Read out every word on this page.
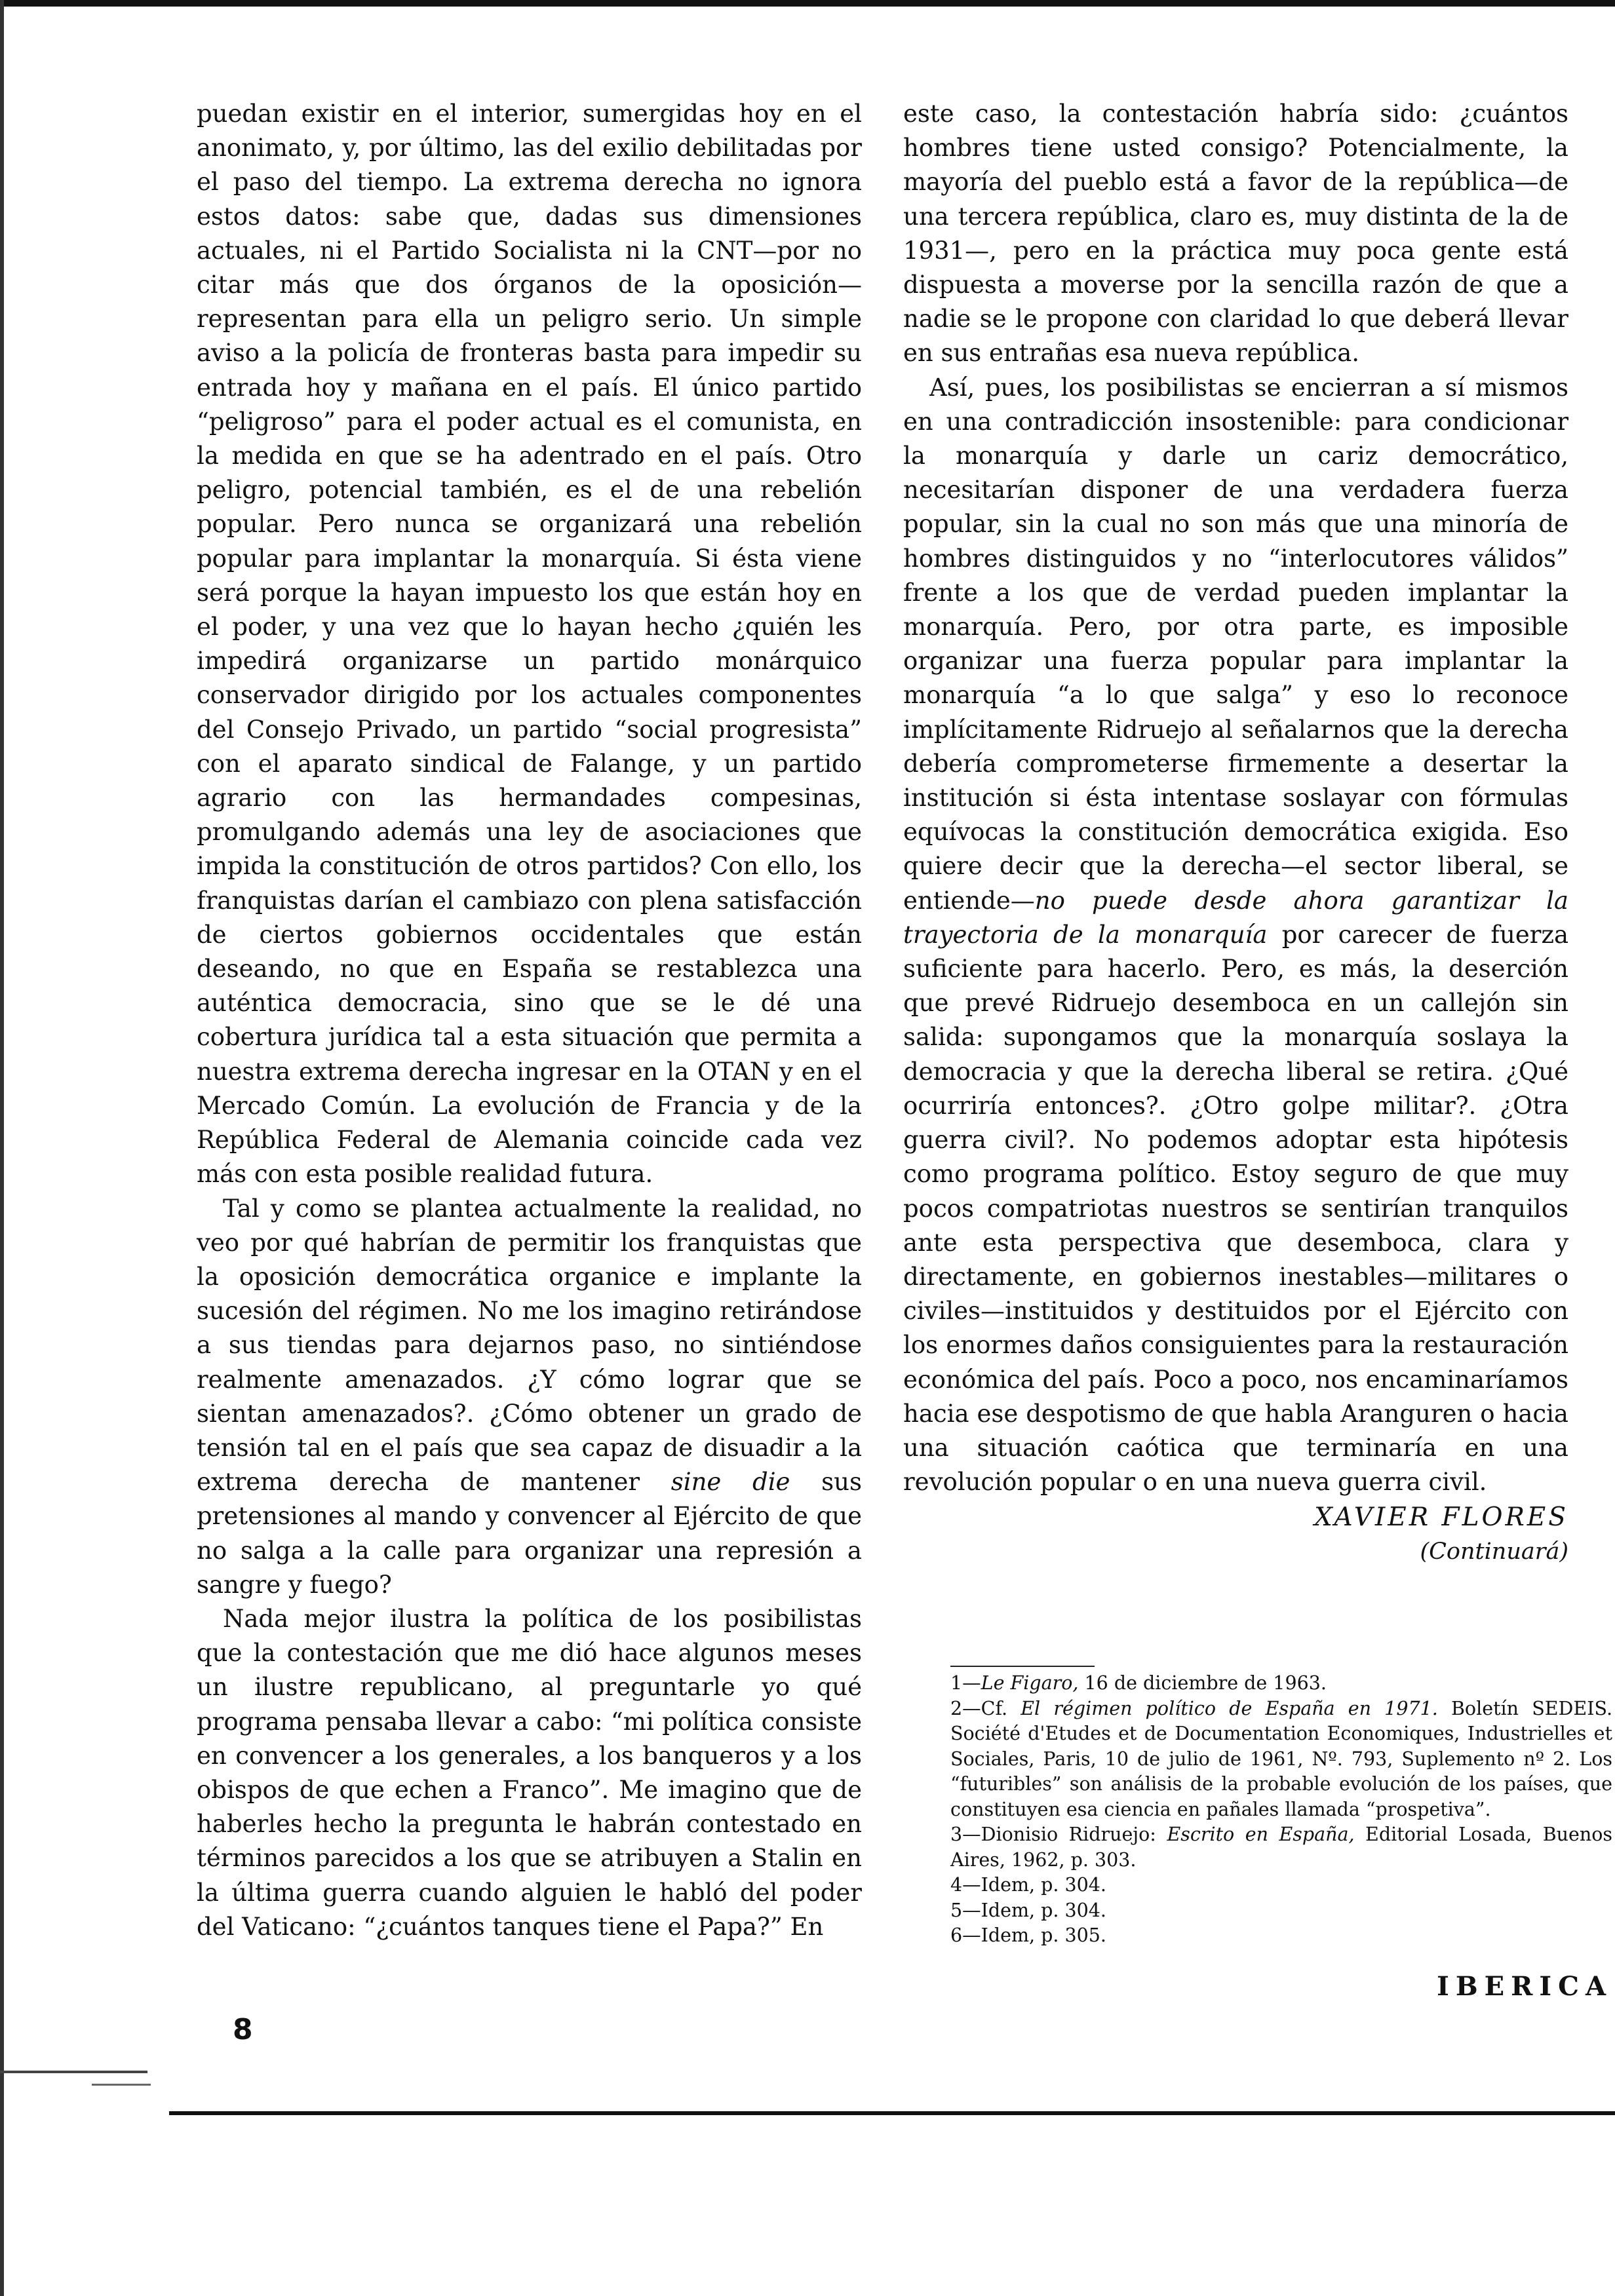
puedan existir en el interior, sumergidas hoy en el anonimato, y, por último, las del exilio debilitadas por el paso del tiempo. La extrema derecha no ignora estos datos: sabe que, dadas sus dimensiones actuales, ni el Partido Socialista ni la CNT—por no citar más que dos órganos de la oposición—representan para ella un peligro serio. Un simple aviso a la policía de fronteras basta para impedir su entrada hoy y mañana en el país. El único partido “peligroso” para el poder actual es el comunista, en la medida en que se ha adentrado en el país. Otro peligro, potencial también, es el de una rebelión popular. Pero nunca se organizará una rebelión popular para implantar la monarquía. Si ésta viene será porque la hayan impuesto los que están hoy en el poder, y una vez que lo hayan hecho ¿quién les impedirá organizarse un partido monárquico conservador dirigido por los actuales componentes del Consejo Privado, un partido “social progresista” con el aparato sindical de Falange, y un partido agrario con las hermandades compesinas, promulgando además una ley de asociaciones que impida la constitución de otros partidos? Con ello, los franquistas darían el cambiazo con plena satisfacción de ciertos gobiernos occidentales que están deseando, no que en España se restablezca una auténtica democracia, sino que se le dé una cobertura jurídica tal a esta situación que permita a nuestra extrema derecha ingresar en la OTAN y en el Mercado Común. La evolución de Francia y de la República Federal de Alemania coincide cada vez más con esta posible realidad futura.

Tal y como se plantea actualmente la realidad, no veo por qué habrían de permitir los franquistas que la oposición democrática organice e implante la sucesión del régimen. No me los imagino retirándose a sus tiendas para dejarnos paso, no sintiéndose realmente amenazados. ¿Y cómo lograr que se sientan amenazados?. ¿Cómo obtener un grado de tensión tal en el país que sea capaz de disuadir a la extrema derecha de mantener sine die sus pretensiones al mando y convencer al Ejército de que no salga a la calle para organizar una represión a sangre y fuego?

Nada mejor ilustra la política de los posibilistas que la contestación que me dió hace algunos meses un ilustre republicano, al preguntarle yo qué programa pensaba llevar a cabo: “mi política consiste en convencer a los generales, a los banqueros y a los obispos de que echen a Franco”. Me imagino que de haberles hecho la pregunta le habrán contestado en términos parecidos a los que se atribuyen a Stalin en la última guerra cuando alguien le habló del poder del Vaticano: “¿cuántos tanques tiene el Papa?” En

este caso, la contestación habría sido: ¿cuántos hombres tiene usted consigo? Potencialmente, la mayoría del pueblo está a favor de la república—de una tercera república, claro es, muy distinta de la de 1931—, pero en la práctica muy poca gente está dispuesta a moverse por la sencilla razón de que a nadie se le propone con claridad lo que deberá llevar en sus entrañas esa nueva república.

Así, pues, los posibilistas se encierran a sí mismos en una contradicción insostenible: para condicionar la monarquía y darle un cariz democrático, necesitarían disponer de una verdadera fuerza popular, sin la cual no son más que una minoría de hombres distinguidos y no “interlocutores válidos” frente a los que de verdad pueden implantar la monarquía. Pero, por otra parte, es imposible organizar una fuerza popular para implantar la monarquía “a lo que salga” y eso lo reconoce implícitamente Ridruejo al señalarnos que la derecha debería comprometerse firmemente a desertar la institución si ésta intentase soslayar con fórmulas equívocas la constitución democrática exigida. Eso quiere decir que la derecha—el sector liberal, se entiende—no puede desde ahora garantizar la trayectoria de la monarquía por carecer de fuerza suficiente para hacerlo. Pero, es más, la deserción que prevé Ridruejo desemboca en un callejón sin salida: supongamos que la monarquía soslaya la democracia y que la derecha liberal se retira. ¿Qué ocurriría entonces?. ¿Otro golpe militar?. ¿Otra guerra civil?. No podemos adoptar esta hipótesis como programa político. Estoy seguro de que muy pocos compatriotas nuestros se sentirían tranquilos ante esta perspectiva que desemboca, clara y directamente, en gobiernos inestables—militares o civiles—instituidos y destituidos por el Ejército con los enormes daños consiguientes para la restauración económica del país. Poco a poco, nos encaminaríamos hacia ese despotismo de que habla Aranguren o hacia una situación caótica que terminaría en una revolución popular o en una nueva guerra civil.

XAVIER FLORES
(Continuará)

1—Le Figaro, 16 de diciembre de 1963.

2—Cf. El régimen político de España en 1971. Boletín SEDEIS. Société d'Etudes et de Documentation Economiques, Industrielles et Sociales, Paris, 10 de julio de 1961, Nº. 793, Suplemento nº 2. Los “futuribles” son análisis de la probable evolución de los países, que constituyen esa ciencia en pañales llamada “prospetiva”.

3—Dionisio Ridruejo: Escrito en España, Editorial Losada, Buenos Aires, 1962, p. 303.

4—Idem, p. 304.

5—Idem, p. 304.

6—Idem, p. 305.

IBERICA
8
